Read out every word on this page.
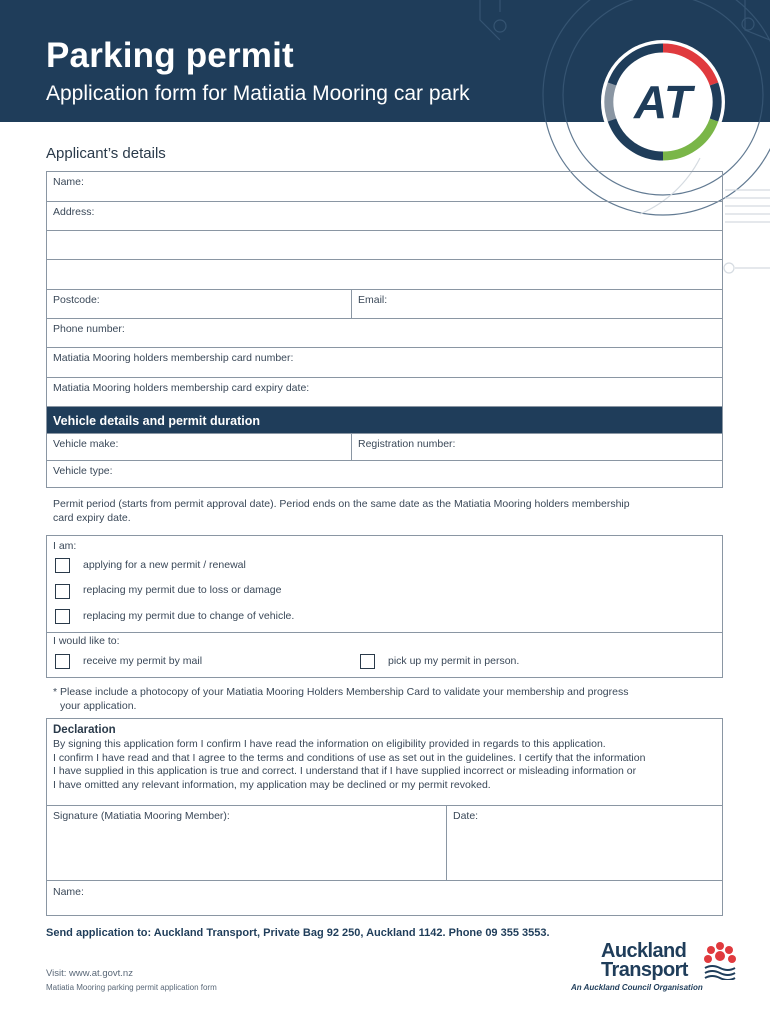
Parking permit
Application form for Matiatia Mooring car park	AT
Applicant’s details
Name:
Address:
Postcode:	Email:
Phone number:
Matiatia Mooring holders membership card number:
Matiatia Mooring holders membership card expiry date:
Vehicle details and permit duration
Vehicle make:	Registration number:
Vehicle type:
Permit period (starts from permit approval date). Period ends on the same date as the Matiatia Mooring holders membership
card expiry date.
I am:
applying for a new permit / renewal
replacing my permit due to loss or damage
replacing my permit due to change of vehicle.
I would like to:
receive my permit by mail	pick up my permit in person.
* Please include a photocopy of your Matiatia Mooring Holders Membership Card to validate your membership and progress
your application.
Declaration
By signing this application form I confirm I have read the information on eligibility provided in regards to this application.
I confirm I have read and that I agree to the terms and conditions of use as set out in the guidelines. I certify that the information
I have supplied in this application is true and correct. I understand that if I have supplied incorrect or misleading information or
I have omitted any relevant information, my application may be declined or my permit revoked.
Signature (Matiatia Mooring Member):	Date:
Name:
Send application to: Auckland Transport, Private Bag 92 250, Auckland 1142. Phone 09 355 3553.
Visit: www.at.govt.nz
Matiatia Mooring parking permit application form
Auckland
Transport
An Auckland Council Organisation
